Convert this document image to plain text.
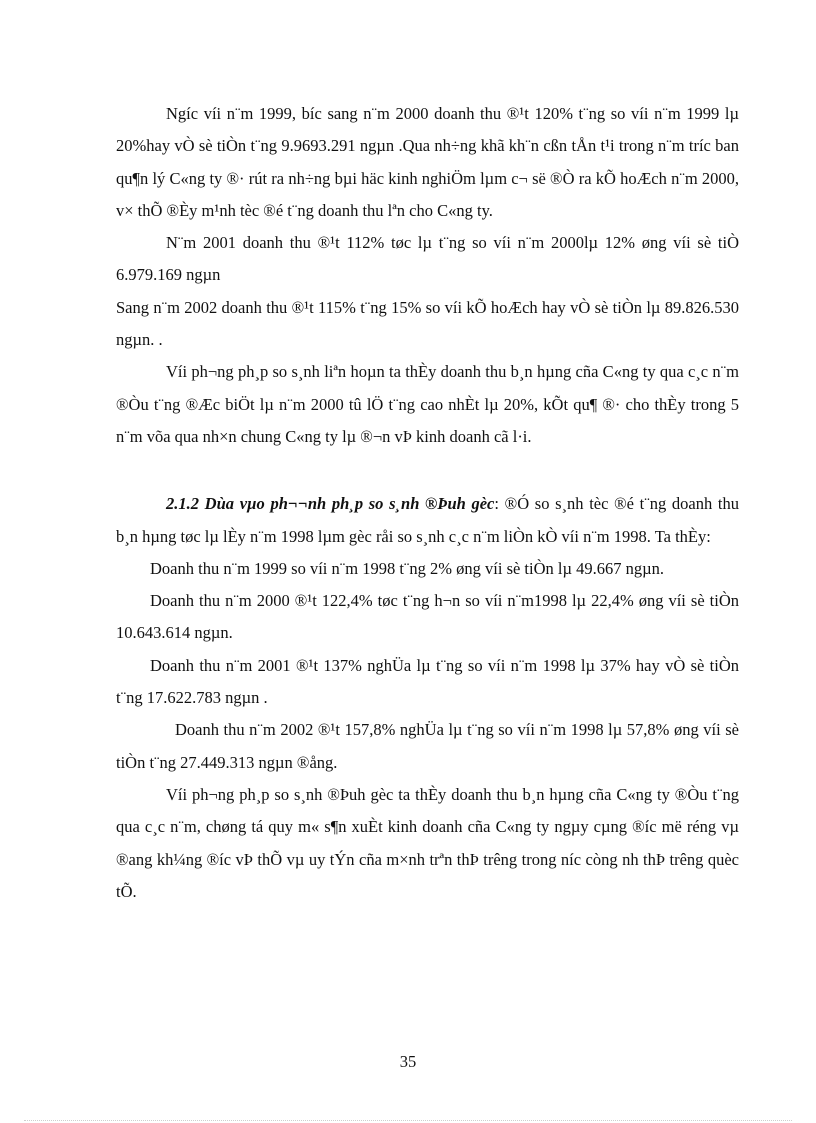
Ngíc víi n¨m 1999, bíc sang n¨m 2000 doanh thu ®¹t 120% t¨ng so víi n¨m 1999 lµ 20%hay vÒ sè tiÒn t¨ng 9.9693.291 ngµn .Qua nh÷ng khã kh¨n cßn tÅn t¹i trong n¨m tríc ban qu¶n lý C«ng ty ®· rút ra nh÷ng bµi häc kinh nghiÖm lµm c¬ së ®Ò ra kÕ hoÆch n¨m 2000, v× thÕ ®Èy m¹nh tèc ®é t¨ng doanh thu lªn cho C«ng ty.

N¨m 2001 doanh thu ®¹t 112% tøc lµ t¨ng so víi n¨m 2000lµ 12% øng víi sè tiÒ 6.979.169 ngµn

Sang n¨m 2002 doanh thu ®¹t 115% t¨ng 15% so víi kÕ hoÆch hay vÒ sè tiÒn lµ 89.826.530 ngµn. .

Víi ph¬ng ph¸p so s¸nh liªn hoµn ta thÈy doanh thu b¸n hµng cña C«ng ty qua c¸c n¨m ®Òu t¨ng ®Æc biÖt lµ n¨m 2000 tû lÖ t¨ng cao nhÈt lµ 20%, kÕt qu¶ ®· cho thÈy trong 5 n¨m võa qua nh×n chung C«ng ty lµ ®¬n vÞ kinh doanh cã l·i.

2.1.2 Dùa vµo ph¬¬nh ph¸p so s¸nh ®Þuh gèc: ®Ó so s¸nh tèc ®é t¨ng doanh thu b¸n hµng tøc lµ lÈy n¨m 1998 lµm gèc råi so s¸nh c¸c n¨m liÒn kÒ víi n¨m 1998. Ta thÈy:

Doanh thu n¨m 1999 so víi n¨m 1998 t¨ng 2% øng víi sè tiÒn lµ 49.667 ngµn.

Doanh thu n¨m 2000 ®¹t 122,4% tøc t¨ng h¬n so víi n¨m1998 lµ 22,4% øng víi sè tiÒn 10.643.614 ngµn.

Doanh thu n¨m 2001 ®¹t 137% nghÜa lµ t¨ng so víi n¨m 1998 lµ 37% hay vÒ sè tiÒn t¨ng 17.622.783 ngµn .

Doanh thu n¨m 2002 ®¹t 157,8% nghÜa lµ t¨ng so víi n¨m 1998 lµ 57,8% øng víi sè tiÒn t¨ng 27.449.313 ngµn ®ång.

Víi ph¬ng ph¸p so s¸nh ®Þuh gèc ta thÈy doanh thu b¸n hµng cña C«ng ty ®Òu t¨ng qua c¸c n¨m, chøng tá quy m« s¶n xuÈt kinh doanh cña C«ng ty ngµy cµng ®íc më réng vµ ®ang kh¼ng ®íc vÞ thÕ vµ uy tÝn cña m×nh trªn thÞ trêng trong níc còng nh thÞ trêng quèc tÕ.

35
